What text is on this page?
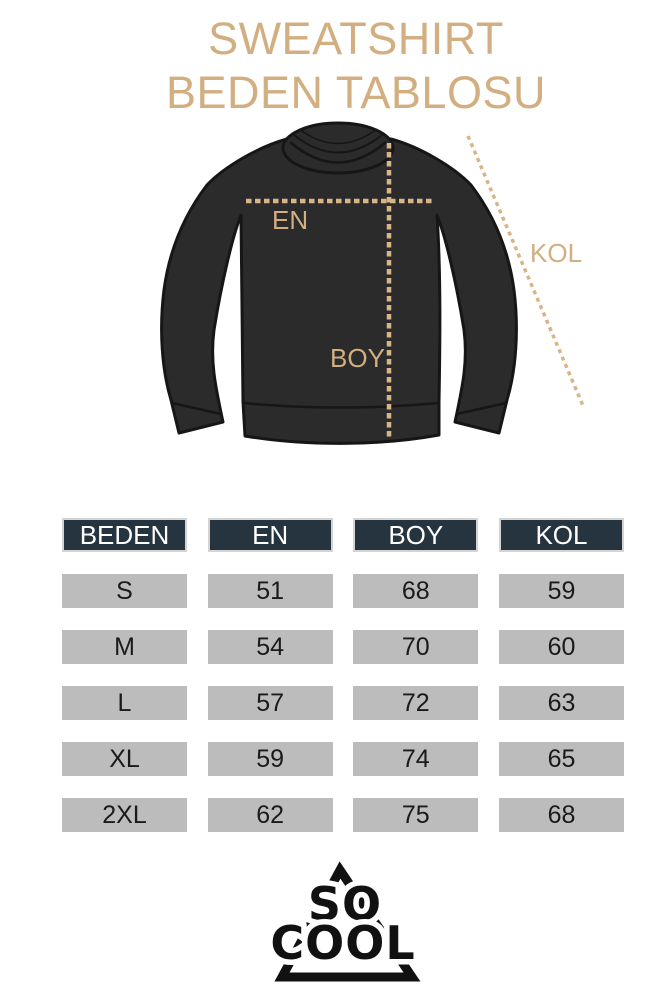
SWEATSHIRT
BEDEN TABLOSU
EN
BOY
KOL
BEDEN	EN	BOY	KOL
S	51	68	59
M	54	70	60
L	57	72	63
XL	59	74	65
2XL	62	75	68
SO
COOL
